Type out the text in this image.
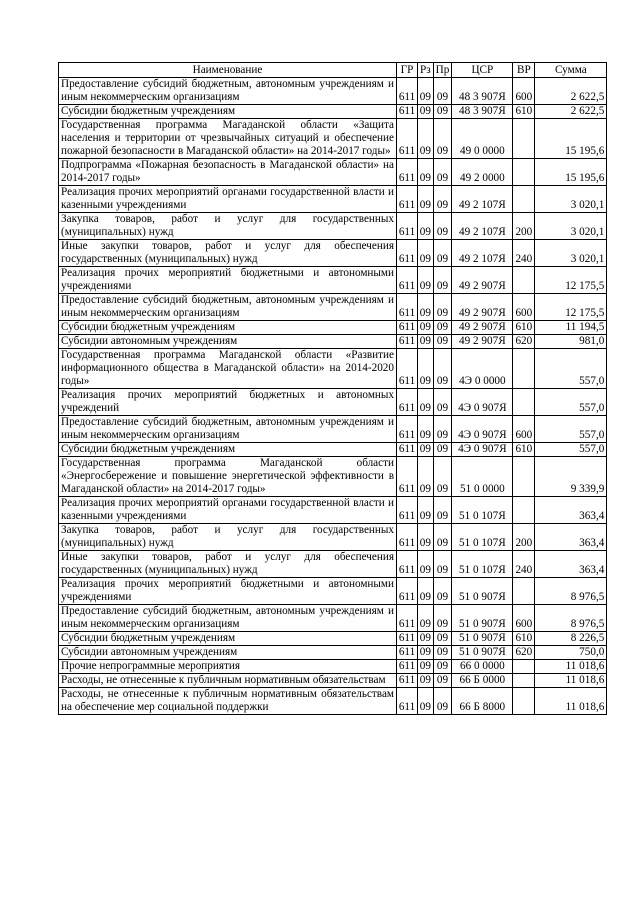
Наименование	ГР	Рз	Пр	ЦСР	ВР	Сумма
Предоставление субсидий бюджетным, автономным учреждениям и иным некоммерческим организациям	611	09	09	48 3 907Я	600	2 622,5
Субсидии бюджетным учреждениям	611	09	09	48 3 907Я	610	2 622,5
Государственная программа Магаданской области «Защита населения и территории от чрезвычайных ситуаций и обеспечение пожарной безопасности в Магаданской области» на 2014-2017 годы»	611	09	09	49 0 0000		15 195,6
Подпрограмма «Пожарная безопасность в Магаданской области» на 2014-2017 годы»	611	09	09	49 2 0000		15 195,6
Реализация прочих мероприятий органами государственной власти и казенными учреждениями	611	09	09	49 2 107Я		3 020,1
Закупка товаров, работ и услуг для государственных (муниципальных) нужд	611	09	09	49 2 107Я	200	3 020,1
Иные закупки товаров, работ и услуг для обеспечения государственных (муниципальных) нужд	611	09	09	49 2 107Я	240	3 020,1
Реализация прочих мероприятий бюджетными и автономными учреждениями	611	09	09	49 2 907Я		12 175,5
Предоставление субсидий бюджетным, автономным учреждениям и иным некоммерческим организациям	611	09	09	49 2 907Я	600	12 175,5
Субсидии бюджетным учреждениям	611	09	09	49 2 907Я	610	11 194,5
Субсидии автономным учреждениям	611	09	09	49 2 907Я	620	981,0
Государственная программа Магаданской области «Развитие информационного общества в Магаданской области» на 2014-2020 годы»	611	09	09	4Э 0 0000		557,0
Реализация прочих мероприятий бюджетных и автономных учреждений	611	09	09	4Э 0 907Я		557,0
Предоставление субсидий бюджетным, автономным учреждениям и иным некоммерческим организациям	611	09	09	4Э 0 907Я	600	557,0
Субсидии бюджетным учреждениям	611	09	09	4Э 0 907Я	610	557,0
Государственная программа Магаданской области «Энергосбережение и повышение энергетической эффективности в Магаданской области» на 2014-2017 годы»	611	09	09	51 0 0000		9 339,9
Реализация прочих мероприятий органами государственной власти и казенными учреждениями	611	09	09	51 0 107Я		363,4
Закупка товаров, работ и услуг для государственных (муниципальных) нужд	611	09	09	51 0 107Я	200	363,4
Иные закупки товаров, работ и услуг для обеспечения государственных (муниципальных) нужд	611	09	09	51 0 107Я	240	363,4
Реализация прочих мероприятий бюджетными и автономными учреждениями	611	09	09	51 0 907Я		8 976,5
Предоставление субсидий бюджетным, автономным учреждениям и иным некоммерческим организациям	611	09	09	51 0 907Я	600	8 976,5
Субсидии бюджетным учреждениям	611	09	09	51 0 907Я	610	8 226,5
Субсидии автономным учреждениям	611	09	09	51 0 907Я	620	750,0
Прочие непрограммные мероприятия	611	09	09	66 0 0000		11 018,6
Расходы, не отнесенные к публичным нормативным обязательствам	611	09	09	66 Б 0000		11 018,6
Расходы, не отнесенные к публичным нормативным обязательствам на обеспечение мер социальной поддержки	611	09	09	66 Б 8000		11 018,6
